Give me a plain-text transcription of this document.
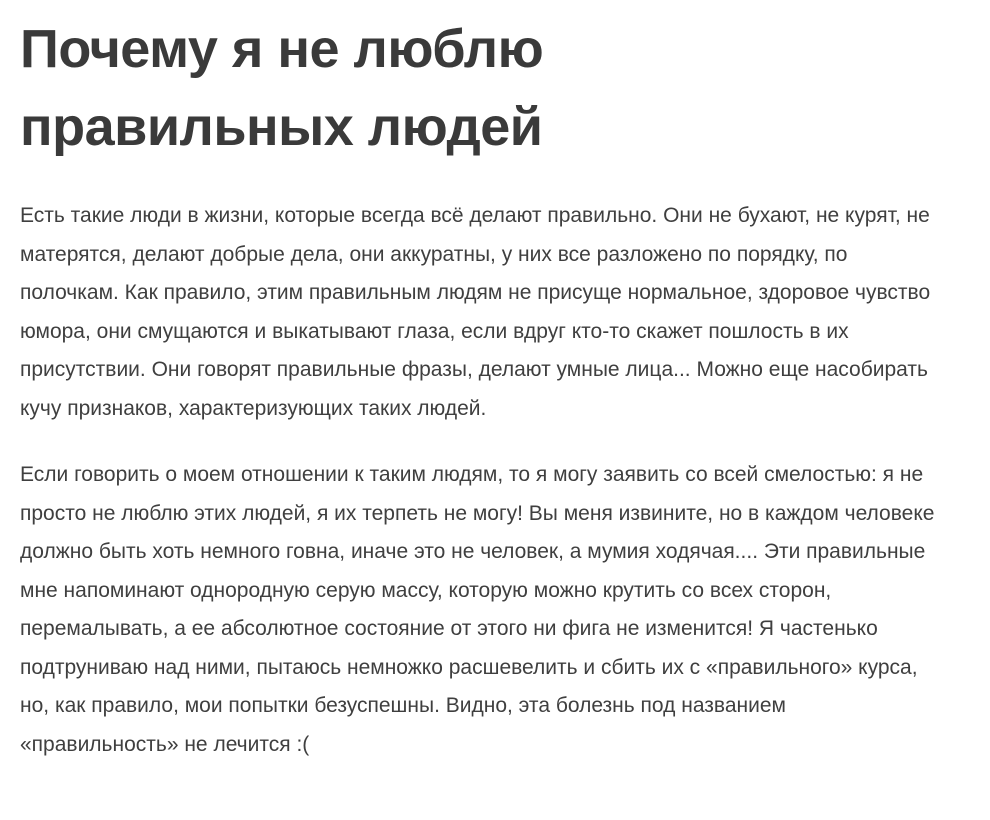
Почему я не люблю правильных людей

Есть такие люди в жизни, которые всегда всё делают правильно. Они не бухают, не курят, не матерятся, делают добрые дела, они аккуратны, у них все разложено по порядку, по полочкам. Как правило, этим правильным людям не присуще нормальное, здоровое чувство юмора, они смущаются и выкатывают глаза, если вдруг кто-то скажет пошлость в их присутствии. Они говорят правильные фразы, делают умные лица... Можно еще насобирать кучу признаков, характеризующих таких людей.

Если говорить о моем отношении к таким людям, то я могу заявить со всей смелостью: я не просто не люблю этих людей, я их терпеть не могу! Вы меня извините, но в каждом человеке должно быть хоть немного говна, иначе это не человек, а мумия ходячая.... Эти правильные мне напоминают однородную серую массу, которую можно крутить со всех сторон, перемалывать, а ее абсолютное состояние от этого ни фига не изменится! Я частенько подтруниваю над ними, пытаюсь немножко расшевелить и сбить их с «правильного» курса, но, как правило, мои попытки безуспешны. Видно, эта болезнь под названием «правильность» не лечится :(
